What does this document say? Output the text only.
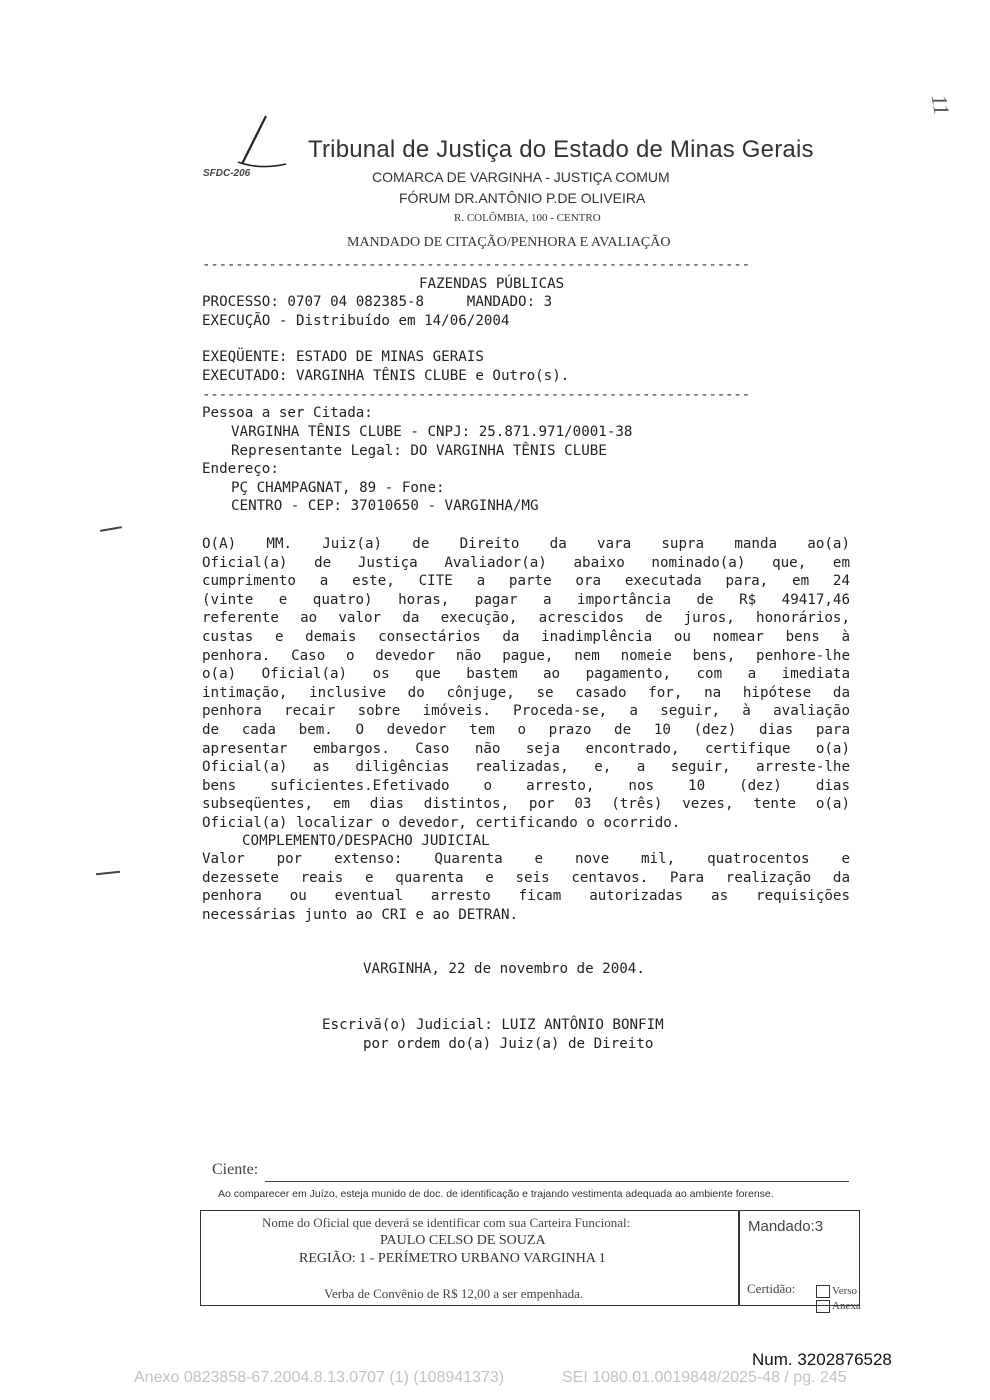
SFDC-206
Tribunal de Justiça do Estado de Minas Gerais
11
COMARCA DE VARGINHA - JUSTIÇA COMUM
FÓRUM DR.ANTÔNIO P.DE OLIVEIRA
R. COLÔMBIA, 100 - CENTRO
MANDADO DE CITAÇÃO/PENHORA E AVALIAÇÃO
------------------------------------------------------------------
FAZENDAS PÚBLICAS
PROCESSO: 0707 04 082385-8     MANDADO: 3
EXECUÇÃO - Distribuído em 14/06/2004
EXEQÜENTE: ESTADO DE MINAS GERAIS
EXECUTADO: VARGINHA TÊNIS CLUBE e Outro(s).
------------------------------------------------------------------
Pessoa a ser Citada:
VARGINHA TÊNIS CLUBE - CNPJ: 25.871.971/0001-38
Representante Legal: DO VARGINHA TÊNIS CLUBE
Endereço:
PÇ CHAMPAGNAT, 89 - Fone:
CENTRO - CEP: 37010650 - VARGINHA/MG
O(A) MM. Juiz(a) de Direito da vara supra manda ao(a)
Oficial(a) de Justiça Avaliador(a) abaixo nominado(a) que, em
cumprimento a este, CITE a parte ora executada para, em 24
(vinte e quatro) horas, pagar a importância de R$ 49417,46
referente ao valor da execução, acrescidos de juros, honorários,
custas e demais consectários da inadimplência ou nomear bens à
penhora. Caso o devedor não pague, nem nomeie bens, penhore-lhe
o(a) Oficial(a) os que bastem ao pagamento, com a imediata
intimação, inclusive do cônjuge, se casado for, na hipótese da
penhora recair sobre imóveis. Proceda-se, a seguir, à avaliação
de cada bem. O devedor tem o prazo de 10 (dez) dias para
apresentar embargos. Caso não seja encontrado, certifique o(a)
Oficial(a) as diligências realizadas, e, a seguir, arreste-lhe
bens suficientes.Efetivado o arresto, nos 10 (dez) dias
subseqüentes, em dias distintos, por 03 (três) vezes, tente o(a)
Oficial(a) localizar o devedor, certificando o ocorrido.
COMPLEMENTO/DESPACHO JUDICIAL
Valor por extenso: Quarenta e nove mil, quatrocentos e
dezessete reais e quarenta e seis centavos. Para realização da
penhora ou eventual arresto ficam autorizadas as requisições
necessárias junto ao CRI e ao DETRAN.
VARGINHA, 22 de novembro de 2004.
Escrivã(o) Judicial: LUIZ ANTÔNIO BONFIM
por ordem do(a) Juiz(a) de Direito
Ciente:
Ao comparecer em Juízo, esteja munido de doc. de identificação e trajando vestimenta adequada ao ambiente forense.
Nome do Oficial que deverá se identificar com sua Carteira Funcional:
PAULO CELSO DE SOUZA
REGIÃO: 1 - PERÍMETRO URBANO VARGINHA 1
Verba de Convênio de R$ 12,00 a ser empenhada.
Mandado:3
Certidão:	Verso

Anexa

Num. 3202876528
Anexo 0823858-67.2004.8.13.0707 (1) (108941373)	SEI 1080.01.0019848/2025-48 / pg. 245
